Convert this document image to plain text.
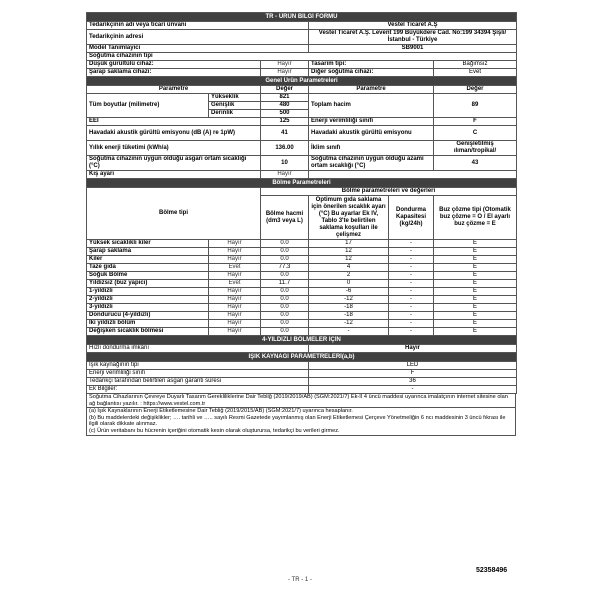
TR - ÜRÜN BİLGİ FORMU	
Tedarikçinin adı veya ticari ünvanı	Vestel Ticaret A.Ş
Tedarikçinin adresi	Vestel Ticaret A.Ş. Levent 199 Büyükdere Cad. No:199 34394 Şişli/İstanbul - Türkiye
Model Tanımlayıcı	SB9001
Soğutma cihazının tipi			
Düşük gürültülü cihaz:	Hayır	Tasarım tipi:	Bağımsız
Şarap saklama cihazı:	Hayır	Diğer soğutma cihazı:	Evet
Genel Ürün Parametreleri				
Parametre		Değer	Parametre	Değer
Tüm boyutlar (milimetre)	Yükseklik	821	Toplam hacim	89
	Genişlik	480		
	Derinlik	500		
EEI		125	Enerji verimliliği sınıfı	F
Havadaki akustik gürültü emisyonu (dB (A) re 1pW)		41	Havadaki akustik gürültü emisyonu	C
Yıllık enerji tüketimi (kWh/a)		136.00	İklim sınıfı	Genişletilmiş ılıman/tropikal/
Soğutma cihazının uygun olduğu asgari ortam sıcaklığı (°C)		10	Soğutma cihazının uygun olduğu azami ortam sıcaklığı (°C)	43
Kış ayarı		Hayır		
Bölme Parametreleri					
Bölme tipi		Bölme parametreleri ve değerleri			
		Bölme hacmi (dm3 veya L)	Optimum gıda saklama için önerilen sıcaklık ayarı (°C) Bu ayarlar Ek IV, Tablo 3'te belirtilen saklama koşulları ile çelişmez	Dondurma Kapasitesi (kg/24h)	Buz çözme tipi (Otomatik buz çözme = O / El ayarlı buz çözme = E
Yüksek sıcaklıklı kiler	Hayır	0.0	17	-	E
Şarap saklama	Hayır	0.0	12	-	E
Kiler	Hayır	0.0	12	-	E
Taze gıda	Evet	77.3	4	-	E
Soğuk Bölme	Hayır	0.0	2	-	E
Yıldızsız (buz yapıcı)	Evet	11.7	0	-	E
1-yıldızlı	Hayır	0.0	-6	-	E
2-yıldızlı	Hayır	0.0	-12	-	E
3-yıldızlı	Hayır	0.0	-18	-	E
Dondurucu (4-yıldızlı)	Hayır	0.0	-18	-	E
İki yıldızlı bölüm	Hayır	0.0	-12	-	E
Değişken sıcaklık bölmesi	Hayır	0.0	-	-	E
4-YILDIZLI BÖLMELER İÇİN
Hızlı dondurma imkânı	Hayır
IŞIK KAYNAĞI PARAMETRELERİ(a,b)	
Işık kaynağının tipi	LED
Enerji verimliliği sınıfı	F
Tedarikçi tarafından belirtilen asgari garanti süresi	36
Ek Bilgiler:	-
Soğutma Cihazlarının Çevreye Duyarlı Tasarım Gerekliliklerine Dair Tebliğ (2019/2019/AB) (SGM:2021/7) Ek-II 4 üncü maddesi uyarınca imalatçının internet sitesine olan ağ bağlantısı yazılır. : https://www.vestel.com.tr
(a) Işık Kaynaklarının Enerji Etiketlemesine Dair Tebliğ (2019/2015/AB) (SGM:2021/7) uyarınca hesaplanır.
(b) Bu maddelerdeki değişiklikler; …. tarihli ve ….. sayılı Resmi Gazetede yayımlanmış olan Enerji Etiketlemesi Çerçeve Yönetmeliğin 6 ncı maddesinin 3 üncü fıkrası ile ilgili olarak dikkate alınmaz.
(c) Ürün veritabanı bu hücrenin içeriğini otomatik kesin olarak oluşturursa, tedarikçi bu verileri girmez.
52358496
- TR - 1 -
